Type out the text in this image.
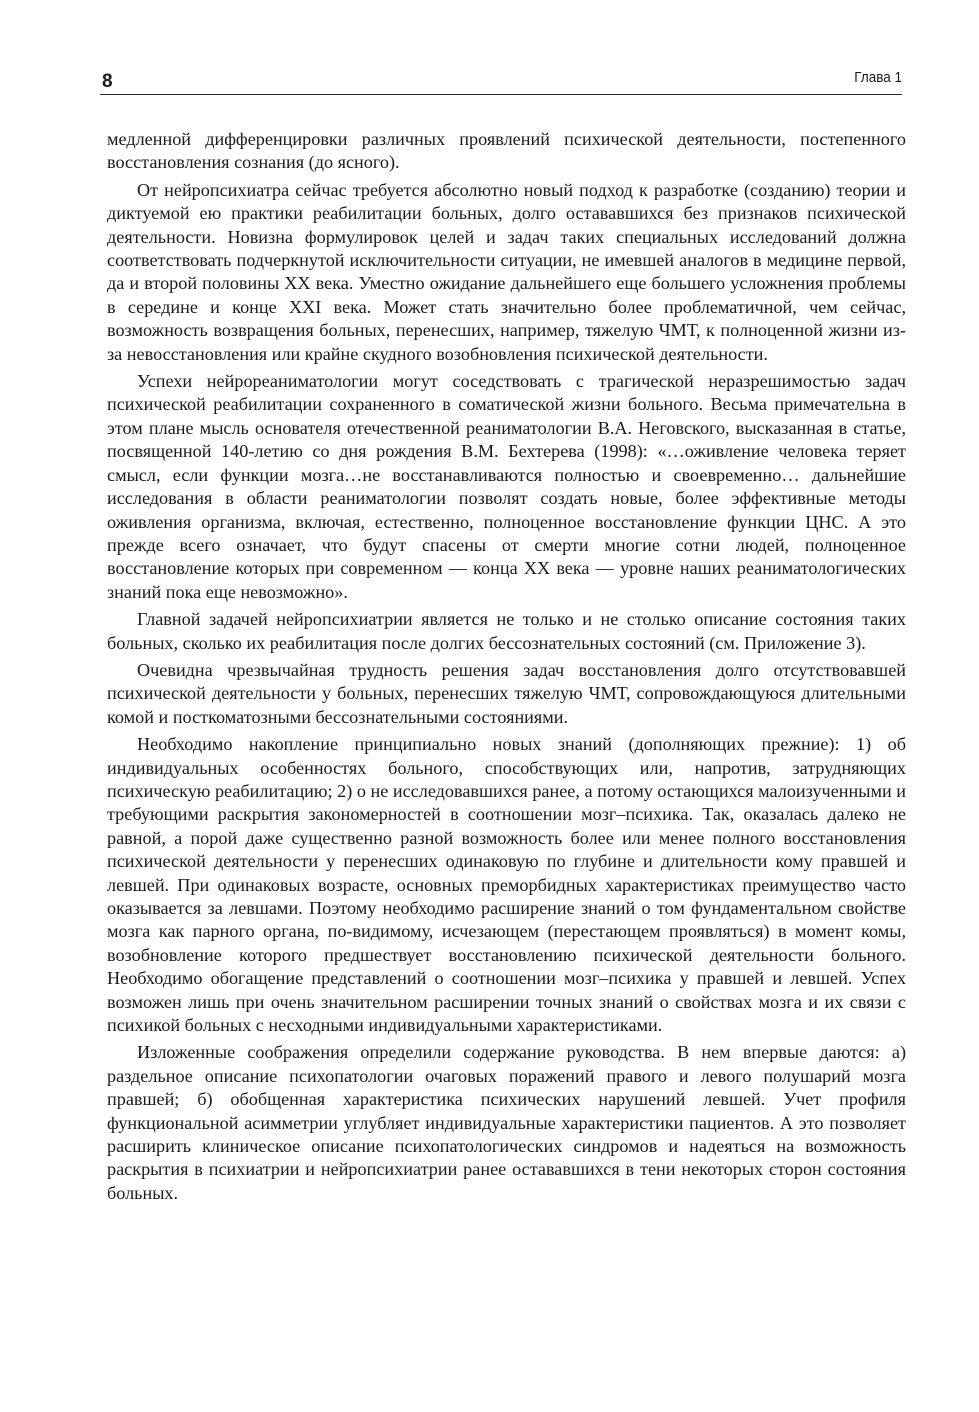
8	Глава 1

медленной дифференцировки различных проявлений психической деятельности, постепенного восстановления сознания (до ясного).

От нейропсихиатра сейчас требуется абсолютно новый подход к разработке (созданию) теории и диктуемой ею практики реабилитации больных, долго остававшихся без признаков психической деятельности. Новизна формулировок целей и задач таких специальных исследований должна соответствовать подчеркнутой исключительности ситуации, не имевшей аналогов в медицине первой, да и второй половины XX века. Уместно ожидание дальнейшего еще большего усложнения проблемы в середине и конце XXI века. Может стать значительно более проблематичной, чем сейчас, возможность возвращения больных, перенесших, например, тяжелую ЧМТ, к полноценной жизни из-за невосстановления или крайне скудного возобновления психической деятельности.

Успехи нейрореаниматологии могут соседствовать с трагической неразрешимостью задач психической реабилитации сохраненного в соматической жизни больного. Весьма примечательна в этом плане мысль основателя отечественной реаниматологии В.А. Неговского, высказанная в статье, посвященной 140-летию со дня рождения В.М. Бехтерева (1998): «…оживление человека теряет смысл, если функции мозга…не восстанавливаются полностью и своевременно… дальнейшие исследования в области реаниматологии позволят создать новые, более эффективные методы оживления организма, включая, естественно, полноценное восстановление функции ЦНС. А это прежде всего означает, что будут спасены от смерти многие сотни людей, полноценное восстановление которых при современном — конца XX века — уровне наших реаниматологических знаний пока еще невозможно».

Главной задачей нейропсихиатрии является не только и не столько описание состояния таких больных, сколько их реабилитация после долгих бессознательных состояний (см. Приложение 3).

Очевидна чрезвычайная трудность решения задач восстановления долго отсутствовавшей психической деятельности у больных, перенесших тяжелую ЧМТ, сопровождающуюся длительными комой и посткоматозными бессознательными состояниями.

Необходимо накопление принципиально новых знаний (дополняющих прежние): 1) об индивидуальных особенностях больного, способствующих или, напротив, затрудняющих психическую реабилитацию; 2) о не исследовавшихся ранее, а потому остающихся малоизученными и требующими раскрытия закономерностей в соотношении мозг–психика. Так, оказалась далеко не равной, а порой даже существенно разной возможность более или менее полного восстановления психической деятельности у перенесших одинаковую по глубине и длительности кому правшей и левшей. При одинаковых возрасте, основных преморбидных характеристиках преимущество часто оказывается за левшами. Поэтому необходимо расширение знаний о том фундаментальном свойстве мозга как парного органа, по-видимому, исчезающем (перестающем проявляться) в момент комы, возобновление которого предшествует восстановлению психической деятельности больного. Необходимо обогащение представлений о соотношении мозг–психика у правшей и левшей. Успех возможен лишь при очень значительном расширении точных знаний о свойствах мозга и их связи с психикой больных с несходными индивидуальными характеристиками.

Изложенные соображения определили содержание руководства. В нем впервые даются: а) раздельное описание психопатологии очаговых поражений правого и левого полушарий мозга правшей; б) обобщенная характеристика психических нарушений левшей. Учет профиля функциональной асимметрии углубляет индивидуальные характеристики пациентов. А это позволяет расширить клиническое описание психопатологических синдромов и надеяться на возможность раскрытия в психиатрии и нейропсихиатрии ранее остававшихся в тени некоторых сторон состояния больных.
